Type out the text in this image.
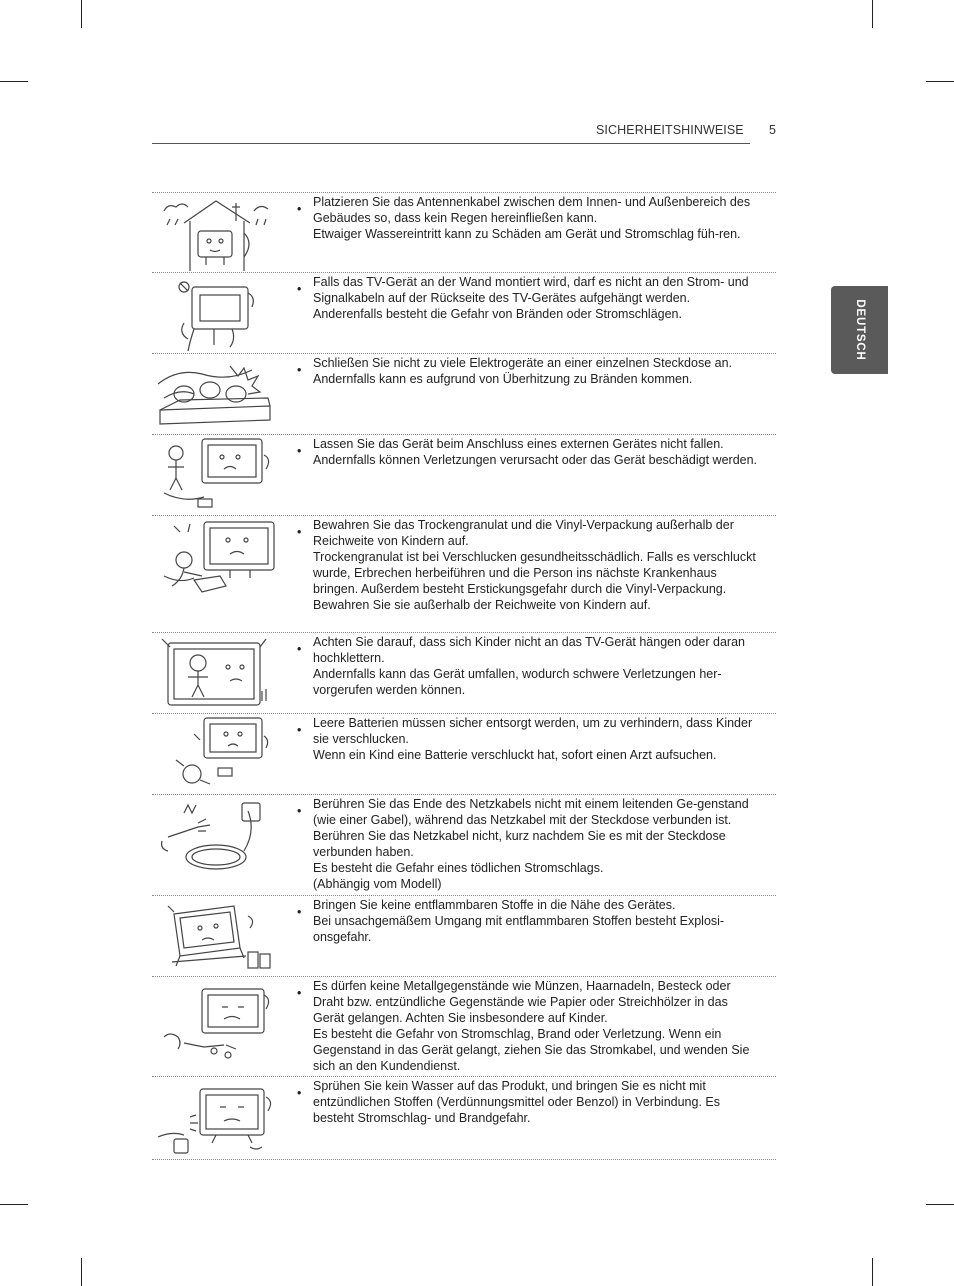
SICHERHEITSHINWEISE 5
DEUTSCH
• Platzieren Sie das Antennenkabel zwischen dem Innen- und Außenbereich des Gebäudes so, dass kein Regen hereinfließen kann.

Etwaiger Wassereintritt kann zu Schäden am Gerät und Stromschlag füh-ren.

• Falls das TV-Gerät an der Wand montiert wird, darf es nicht an den Strom- und Signalkabeln auf der Rückseite des TV-Gerätes aufgehängt werden.

Anderenfalls besteht die Gefahr von Bränden oder Stromschlägen.

• Schließen Sie nicht zu viele Elektrogeräte an einer einzelnen Steckdose an.

Andernfalls kann es aufgrund von Überhitzung zu Bränden kommen.

• Lassen Sie das Gerät beim Anschluss eines externen Gerätes nicht fallen.

Andernfalls können Verletzungen verursacht oder das Gerät beschädigt werden.

• Bewahren Sie das Trockengranulat und die Vinyl-Verpackung außerhalb der Reichweite von Kindern auf.

Trockengranulat ist bei Verschlucken gesundheitsschädlich. Falls es verschluckt wurde, Erbrechen herbeiführen und die Person ins nächste Krankenhaus bringen. Außerdem besteht Erstickungsgefahr durch die Vinyl-Verpackung. Bewahren Sie sie außerhalb der Reichweite von Kindern auf.

• Achten Sie darauf, dass sich Kinder nicht an das TV-Gerät hängen oder daran hochklettern.

Andernfalls kann das Gerät umfallen, wodurch schwere Verletzungen her-vorgerufen werden können.

• Leere Batterien müssen sicher entsorgt werden, um zu verhindern, dass Kinder sie verschlucken.

Wenn ein Kind eine Batterie verschluckt hat, sofort einen Arzt aufsuchen.

• Berühren Sie das Ende des Netzkabels nicht mit einem leitenden Ge-genstand (wie einer Gabel), während das Netzkabel mit der Steckdose verbunden ist. Berühren Sie das Netzkabel nicht, kurz nachdem Sie es mit der Steckdose verbunden haben.

Es besteht die Gefahr eines tödlichen Stromschlags.

(Abhängig vom Modell)

• Bringen Sie keine entflammbaren Stoffe in die Nähe des Gerätes.

Bei unsachgemäßem Umgang mit entflammbaren Stoffen besteht Explosi-onsgefahr.

• Es dürfen keine Metallgegenstände wie Münzen, Haarnadeln, Besteck oder Draht bzw. entzündliche Gegenstände wie Papier oder Streichhölzer in das Gerät gelangen. Achten Sie insbesondere auf Kinder.

Es besteht die Gefahr von Stromschlag, Brand oder Verletzung. Wenn ein Gegenstand in das Gerät gelangt, ziehen Sie das Stromkabel, und wenden Sie sich an den Kundendienst.

• Sprühen Sie kein Wasser auf das Produkt, und bringen Sie es nicht mit entzündlichen Stoffen (Verdünnungsmittel oder Benzol) in Verbindung. Es besteht Stromschlag- und Brandgefahr.
